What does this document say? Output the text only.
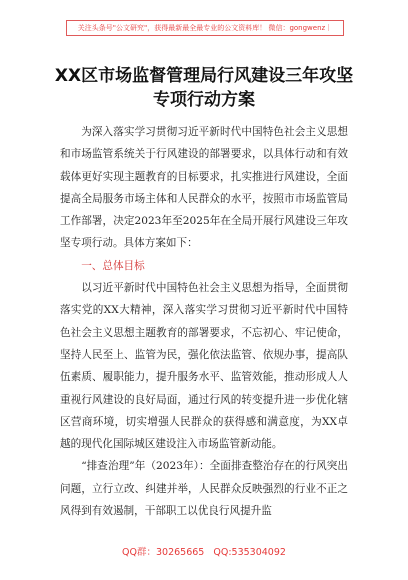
关注头条号"公文研究"，获得最新最全最专业的公文资料库！ 微信：gongwenz｜
XX区市场监督管理局行风建设三年攻坚专项行动方案

为深入落实学习贯彻习近平新时代中国特色社会主义思想和市场监管系统关于行风建设的部署要求，以具体行动和有效载体更好实现主题教育的目标要求，扎实推进行风建设，全面提高全局服务市场主体和人民群众的水平，按照市市场监管局工作部署，决定2023年至2025年在全局开展行风建设三年攻坚专项行动。具体方案如下：

一、总体目标

以习近平新时代中国特色社会主义思想为指导，全面贯彻落实党的XX大精神，深入落实学习贯彻习近平新时代中国特色社会主义思想主题教育的部署要求，不忘初心、牢记使命，坚持人民至上、监管为民，强化依法监管、依规办事，提高队伍素质、履职能力，提升服务水平、监管效能，推动形成人人重视行风建设的良好局面，通过行风的转变提升进一步优化辖区营商环境，切实增强人民群众的获得感和满意度，为XX卓越的现代化国际城区建设注入市场监管新动能。

“排查治理”年（2023年）：全面排查整治存在的行风突出问题，立行立改、纠建并举，人民群众反映强烈的行业不正之风得到有效遏制，干部职工以优良行风提升监

QQ群：30265665 QQ:535304092
